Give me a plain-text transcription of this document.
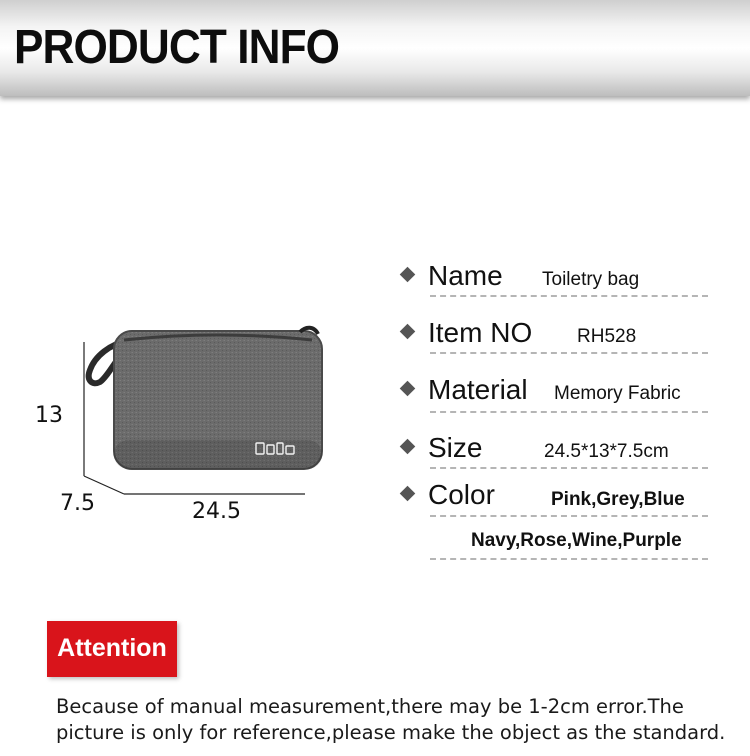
PRODUCT INFO
13
7.5	24.5
Name Toiletry bag
Item NO RH528
Material Memory Fabric
Size	24.5*13*7.5cm
Color	Pink,Grey,Blue
Navy,Rose,Wine,Purple
Attention
Because of manual measurement,there may be 1-2cm error.The picture is only for reference,please make the object as the standard.
